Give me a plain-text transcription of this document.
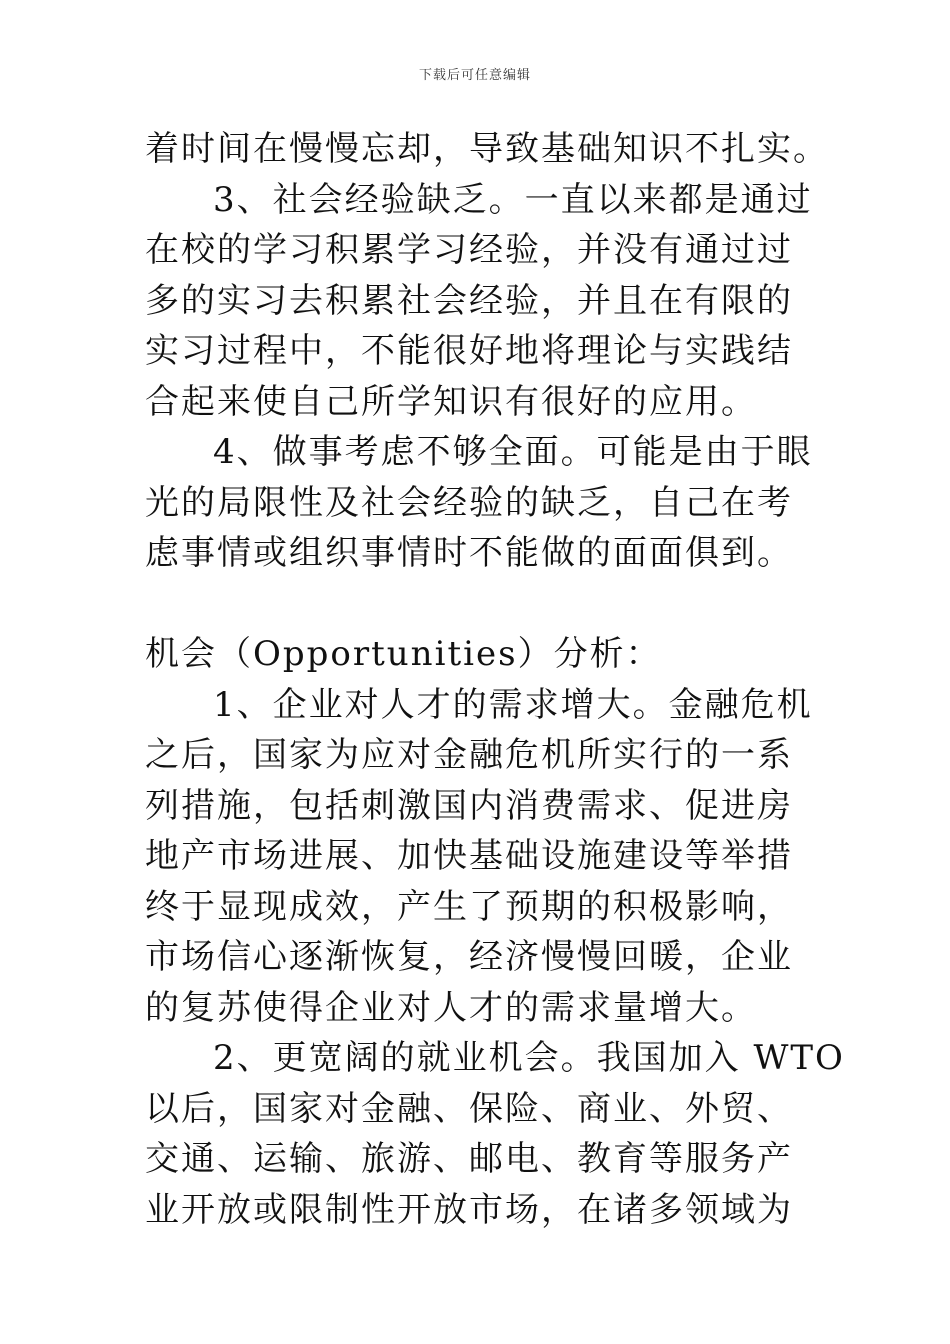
下载后可任意编辑
着时间在慢慢忘却，导致基础知识不扎实。
3、社会经验缺乏。一直以来都是通过
在校的学习积累学习经验，并没有通过过
多的实习去积累社会经验，并且在有限的
实习过程中，不能很好地将理论与实践结
合起来使自己所学知识有很好的应用。
4、做事考虑不够全面。可能是由于眼
光的局限性及社会经验的缺乏，自己在考
虑事情或组织事情时不能做的面面俱到。
机会（Opportunities）分析：
1、企业对人才的需求增大。金融危机
之后，国家为应对金融危机所实行的一系
列措施，包括刺激国内消费需求、促进房
地产市场进展、加快基础设施建设等举措
终于显现成效，产生了预期的积极影响，
市场信心逐渐恢复，经济慢慢回暖，企业
的复苏使得企业对人才的需求量增大。
2、更宽阔的就业机会。我国加入 WTO
以后，国家对金融、保险、商业、外贸、
交通、运输、旅游、邮电、教育等服务产
业开放或限制性开放市场，在诸多领域为
